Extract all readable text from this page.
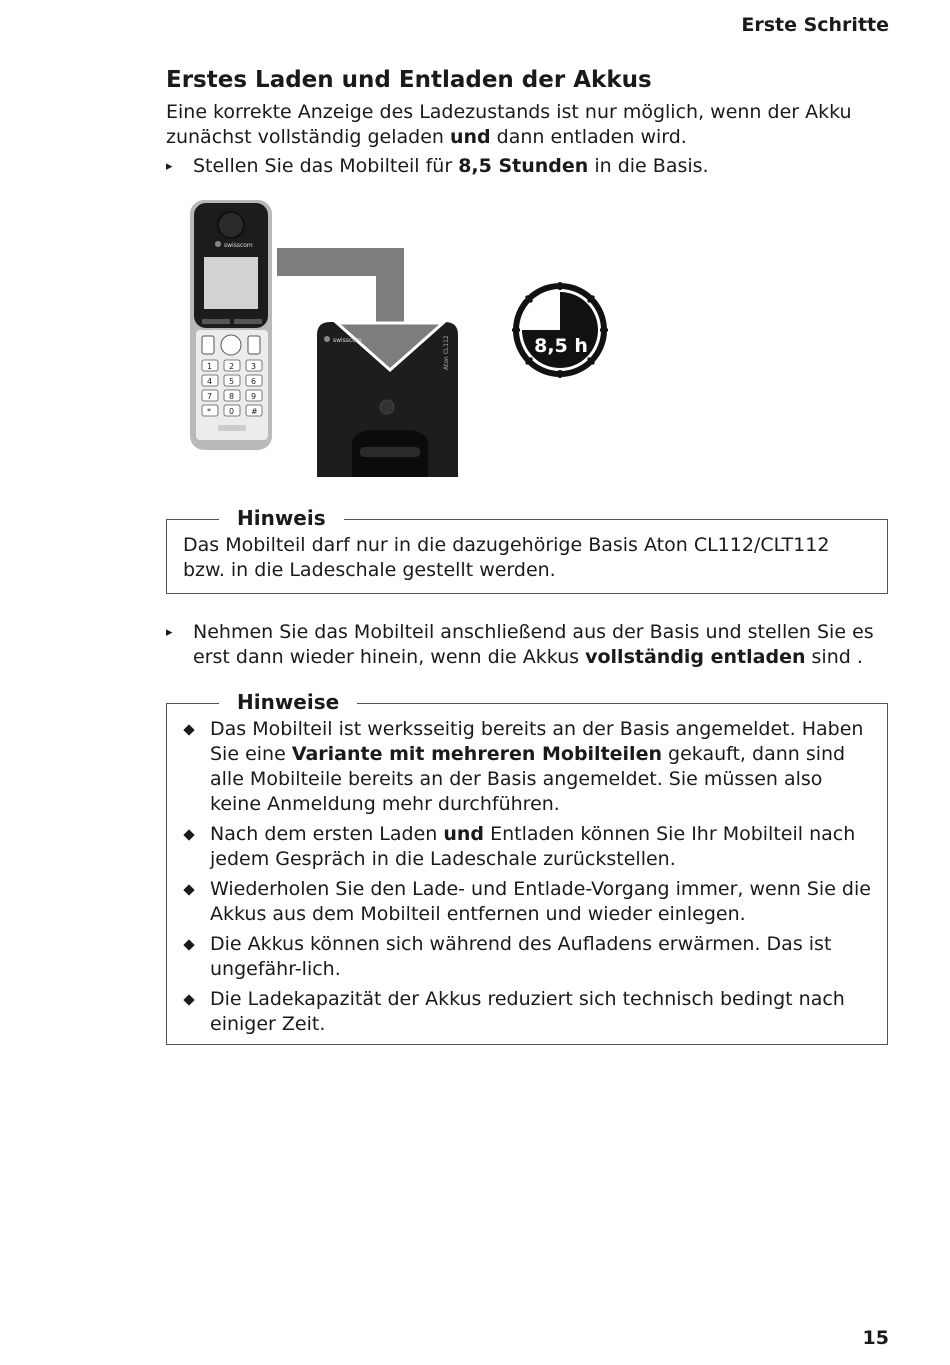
Erste Schritte
Erstes Laden und Entladen der Akkus
Eine korrekte Anzeige des Ladezustands ist nur möglich, wenn der Akku zunächst vollständig geladen und dann entladen wird.
▸ Stellen Sie das Mobilteil für 8,5 Stunden in die Basis.
swisscom
1 2 3
4 5 6
7 8 9
* 0 #
swisscom	Aton CL112	8,5 h
Hinweis
Das Mobilteil darf nur in die dazugehörige Basis Aton CL112/CLT112 bzw. in die Ladeschale gestellt werden.
▸ Nehmen Sie das Mobilteil anschließend aus der Basis und stellen Sie es erst dann wieder hinein, wenn die Akkus vollständig entladen sind .
Hinweise
Das Mobilteil ist werksseitig bereits an der Basis angemeldet. Haben Sie eine Variante mit mehreren Mobilteilen gekauft, dann sind alle Mobilteile bereits an der Basis angemeldet. Sie müssen also keine Anmeldung mehr durchführen.
Nach dem ersten Laden und Entladen können Sie Ihr Mobilteil nach jedem Gespräch in die Ladeschale zurückstellen.
Wiederholen Sie den Lade- und Entlade-Vorgang immer, wenn Sie die Akkus aus dem Mobilteil entfernen und wieder einlegen.
Die Akkus können sich während des Aufladens erwärmen. Das ist ungefähr-lich.
Die Ladekapazität der Akkus reduziert sich technisch bedingt nach einiger Zeit.
15
